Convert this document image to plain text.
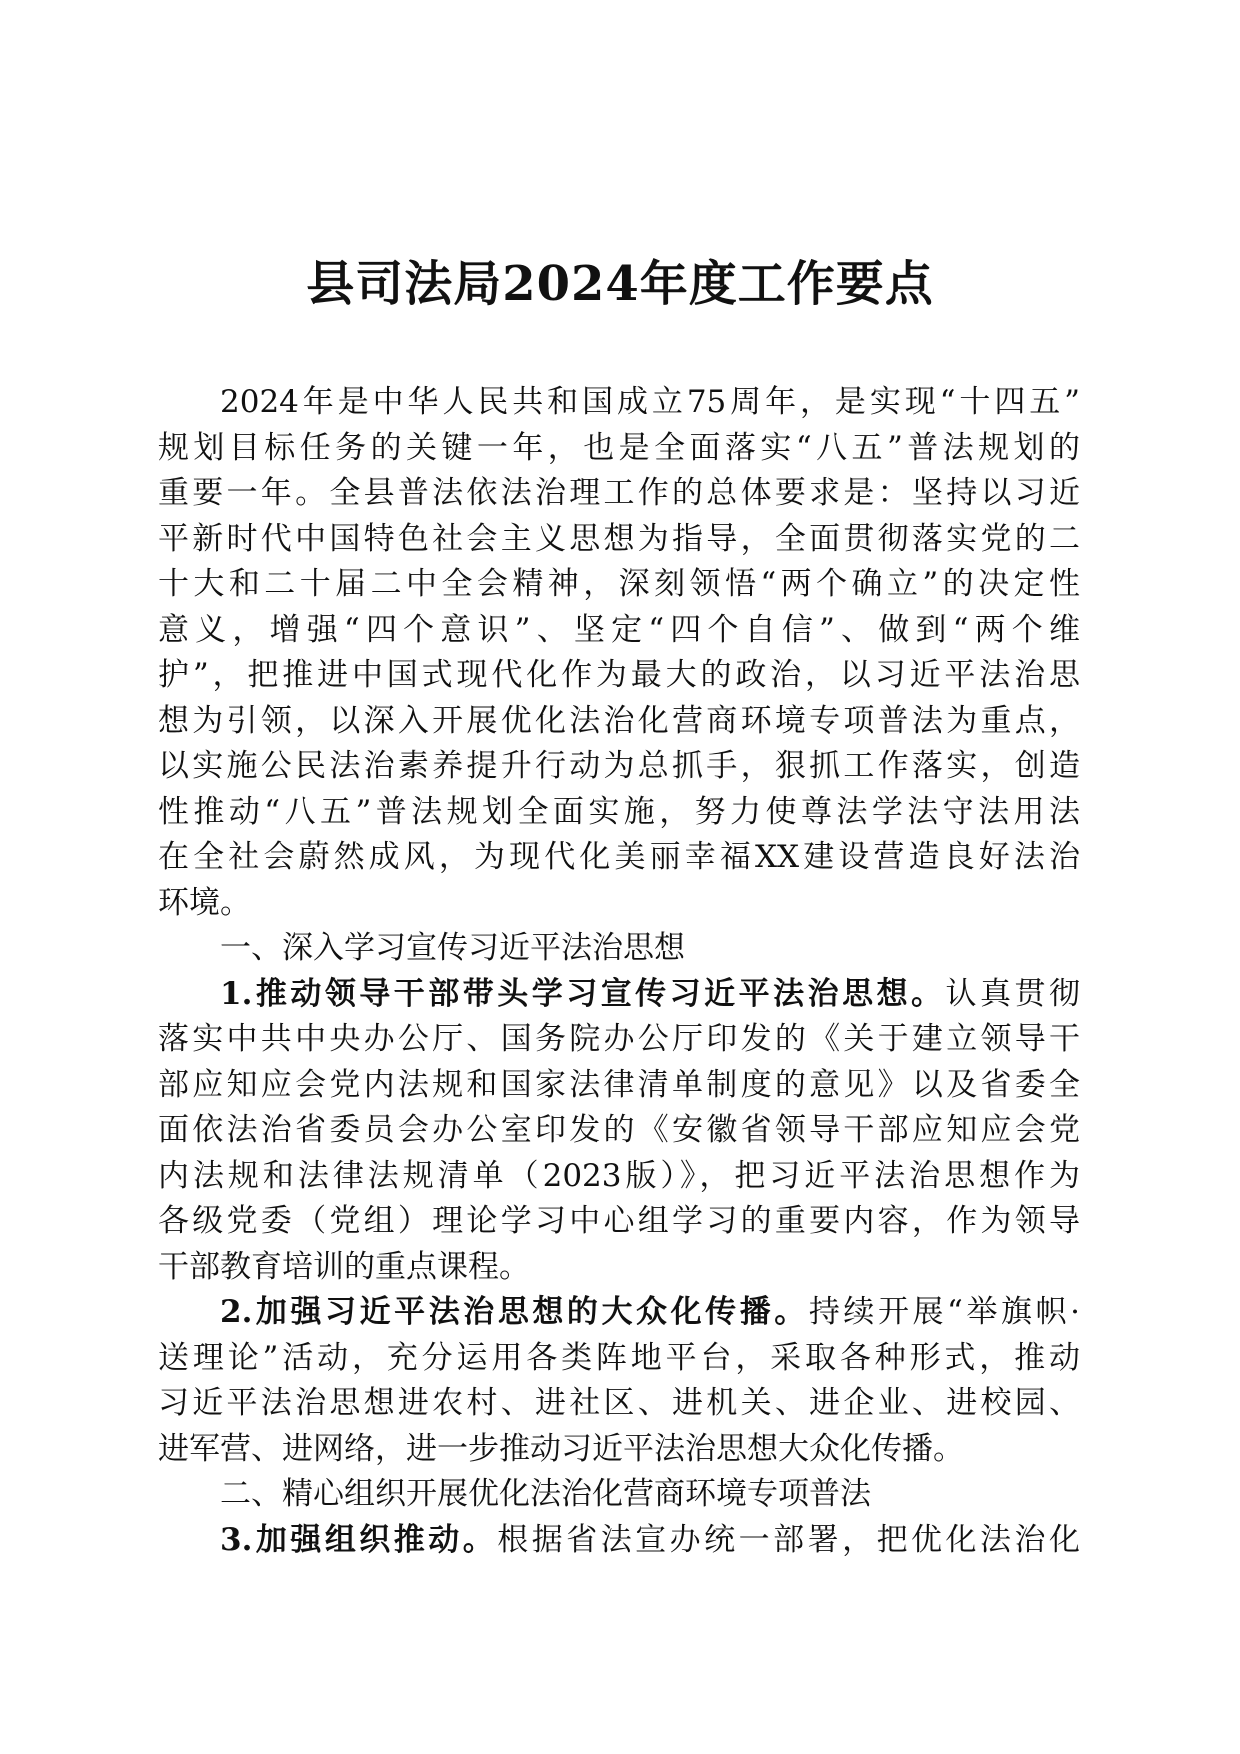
县司法局2024年度工作要点
2024年是中华人民共和国成立75周年，是实现“十四五”
规划目标任务的关键一年，也是全面落实“八五”普法规划的
重要一年。全县普法依法治理工作的总体要求是：坚持以习近
平新时代中国特色社会主义思想为指导，全面贯彻落实党的二
十大和二十届二中全会精神，深刻领悟“两个确立”的决定性
意义，增强“四个意识”、坚定“四个自信”、做到“两个维
护”，把推进中国式现代化作为最大的政治，以习近平法治思
想为引领，以深入开展优化法治化营商环境专项普法为重点，
以实施公民法治素养提升行动为总抓手，狠抓工作落实，创造
性推动“八五”普法规划全面实施，努力使尊法学法守法用法
在全社会蔚然成风，为现代化美丽幸福XX建设营造良好法治
环境。
一、深入学习宣传习近平法治思想
1.推动领导干部带头学习宣传习近平法治思想。认真贯彻
落实中共中央办公厅、国务院办公厅印发的《关于建立领导干
部应知应会党内法规和国家法律清单制度的意见》以及省委全
面依法治省委员会办公室印发的《安徽省领导干部应知应会党
内法规和法律法规清单（2023版）》，把习近平法治思想作为
各级党委（党组）理论学习中心组学习的重要内容，作为领导
干部教育培训的重点课程。
2.加强习近平法治思想的大众化传播。持续开展“举旗帜·
送理论”活动，充分运用各类阵地平台，采取各种形式，推动
习近平法治思想进农村、进社区、进机关、进企业、进校园、
进军营、进网络，进一步推动习近平法治思想大众化传播。
二、精心组织开展优化法治化营商环境专项普法
3.加强组织推动。根据省法宣办统一部署，把优化法治化
